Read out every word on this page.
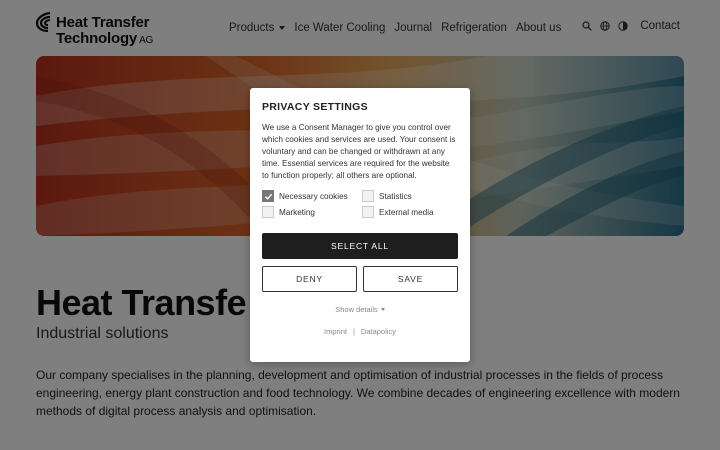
PRIVACY SETTINGS

We use a Consent Manager to give you control over which cookies and services are used. Your consent is voluntary and can be changed or withdrawn at any time. Essential services are required for the website to function properly; all others are optional.

Necessary cookies	Statistics
Marketing	External media
SELECT ALL
DENY	SAVE
Show details
Imprint | Datapolicy
